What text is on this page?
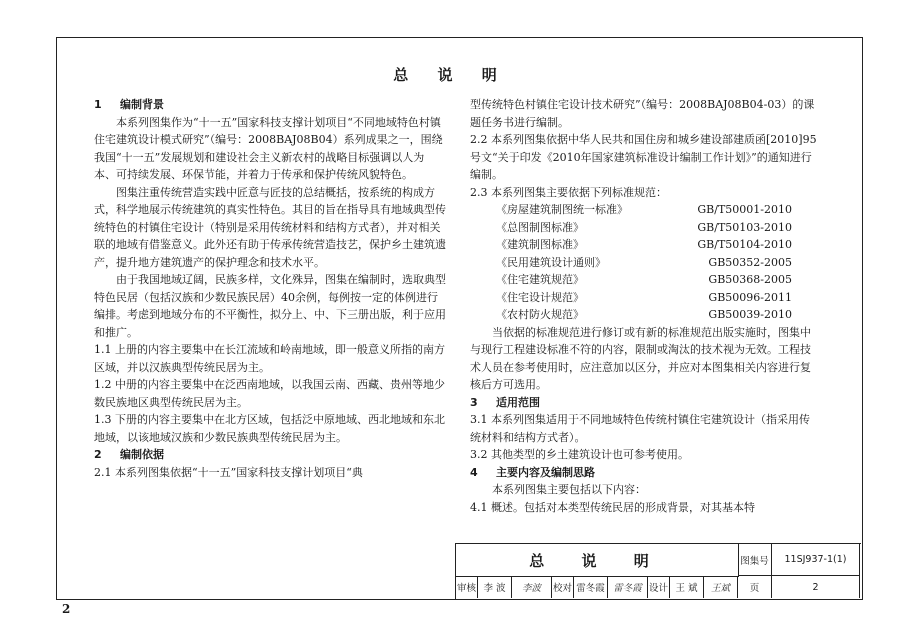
总 说 明

1 编制背景

本系列图集作为“十一五”国家科技支撑计划项目“不同地域特色村镇住宅建筑设计模式研究”（编号：2008BAJ08B04）系列成果之一，围绕我国“十一五”发展规划和建设社会主义新农村的战略目标强调以人为本、可持续发展、环保节能，并着力于传承和保护传统风貌特色。

图集注重传统营造实践中匠意与匠技的总结概括，按系统的构成方式，科学地展示传统建筑的真实性特色。其目的旨在指导具有地域典型传统特色的村镇住宅设计（特别是采用传统材料和结构方式者），并对相关联的地域有借鉴意义。此外还有助于传承传统营造技艺，保护乡土建筑遗产，提升地方建筑遗产的保护理念和技术水平。

由于我国地域辽阔，民族多样，文化殊异，图集在编制时，选取典型特色民居（包括汉族和少数民族民居）40余例，每例按一定的体例进行编排。考虑到地域分布的不平衡性，拟分上、中、下三册出版，利于应用和推广。

1.1 上册的内容主要集中在长江流域和岭南地域，即一般意义所指的南方区域，并以汉族典型传统民居为主。

1.2 中册的内容主要集中在泛西南地域，以我国云南、西藏、贵州等地少数民族地区典型传统民居为主。

1.3 下册的内容主要集中在北方区域，包括泛中原地域、西北地域和东北地域，以该地域汉族和少数民族典型传统民居为主。

2 编制依据

2.1 本系列图集依据“十一五”国家科技支撑计划项目“典

型传统特色村镇住宅设计技术研究”（编号：2008BAJ08B04-03）的课题任务书进行编制。

2.2 本系列图集依据中华人民共和国住房和城乡建设部建质函[2010]95号文“关于印发《2010年国家建筑标准设计编制工作计划》”的通知进行编制。

2.3 本系列图集主要依据下列标准规范：

《房屋建筑制图统一标准》	GB/T50001-2010

《总图制图标准》	GB/T50103-2010

《建筑制图标准》	GB/T50104-2010

《民用建筑设计通则》	GB50352-2005

《住宅建筑规范》	GB50368-2005

《住宅设计规范》	GB50096-2011

《农村防火规范》	GB50039-2010

当依据的标准规范进行修订或有新的标准规范出版实施时，图集中与现行工程建设标准不符的内容，限制或淘汰的技术视为无效。工程技术人员在参考使用时，应注意加以区分，并应对本图集相关内容进行复核后方可选用。

3 适用范围

3.1 本系列图集适用于不同地域特色传统村镇住宅建筑设计（指采用传统材料和结构方式者）。

3.2 其他类型的乡土建筑设计也可参考使用。

4 主要内容及编制思路

本系列图集主要包括以下内容：

4.1 概述。包括对本类型传统民居的形成背景，对其基本特

总 说 明	图集号	11SJ937-1(1)
审核 李 波	李波	校对 雷冬霞 雷冬霞 设计 王 斌	王斌	页	2
2
